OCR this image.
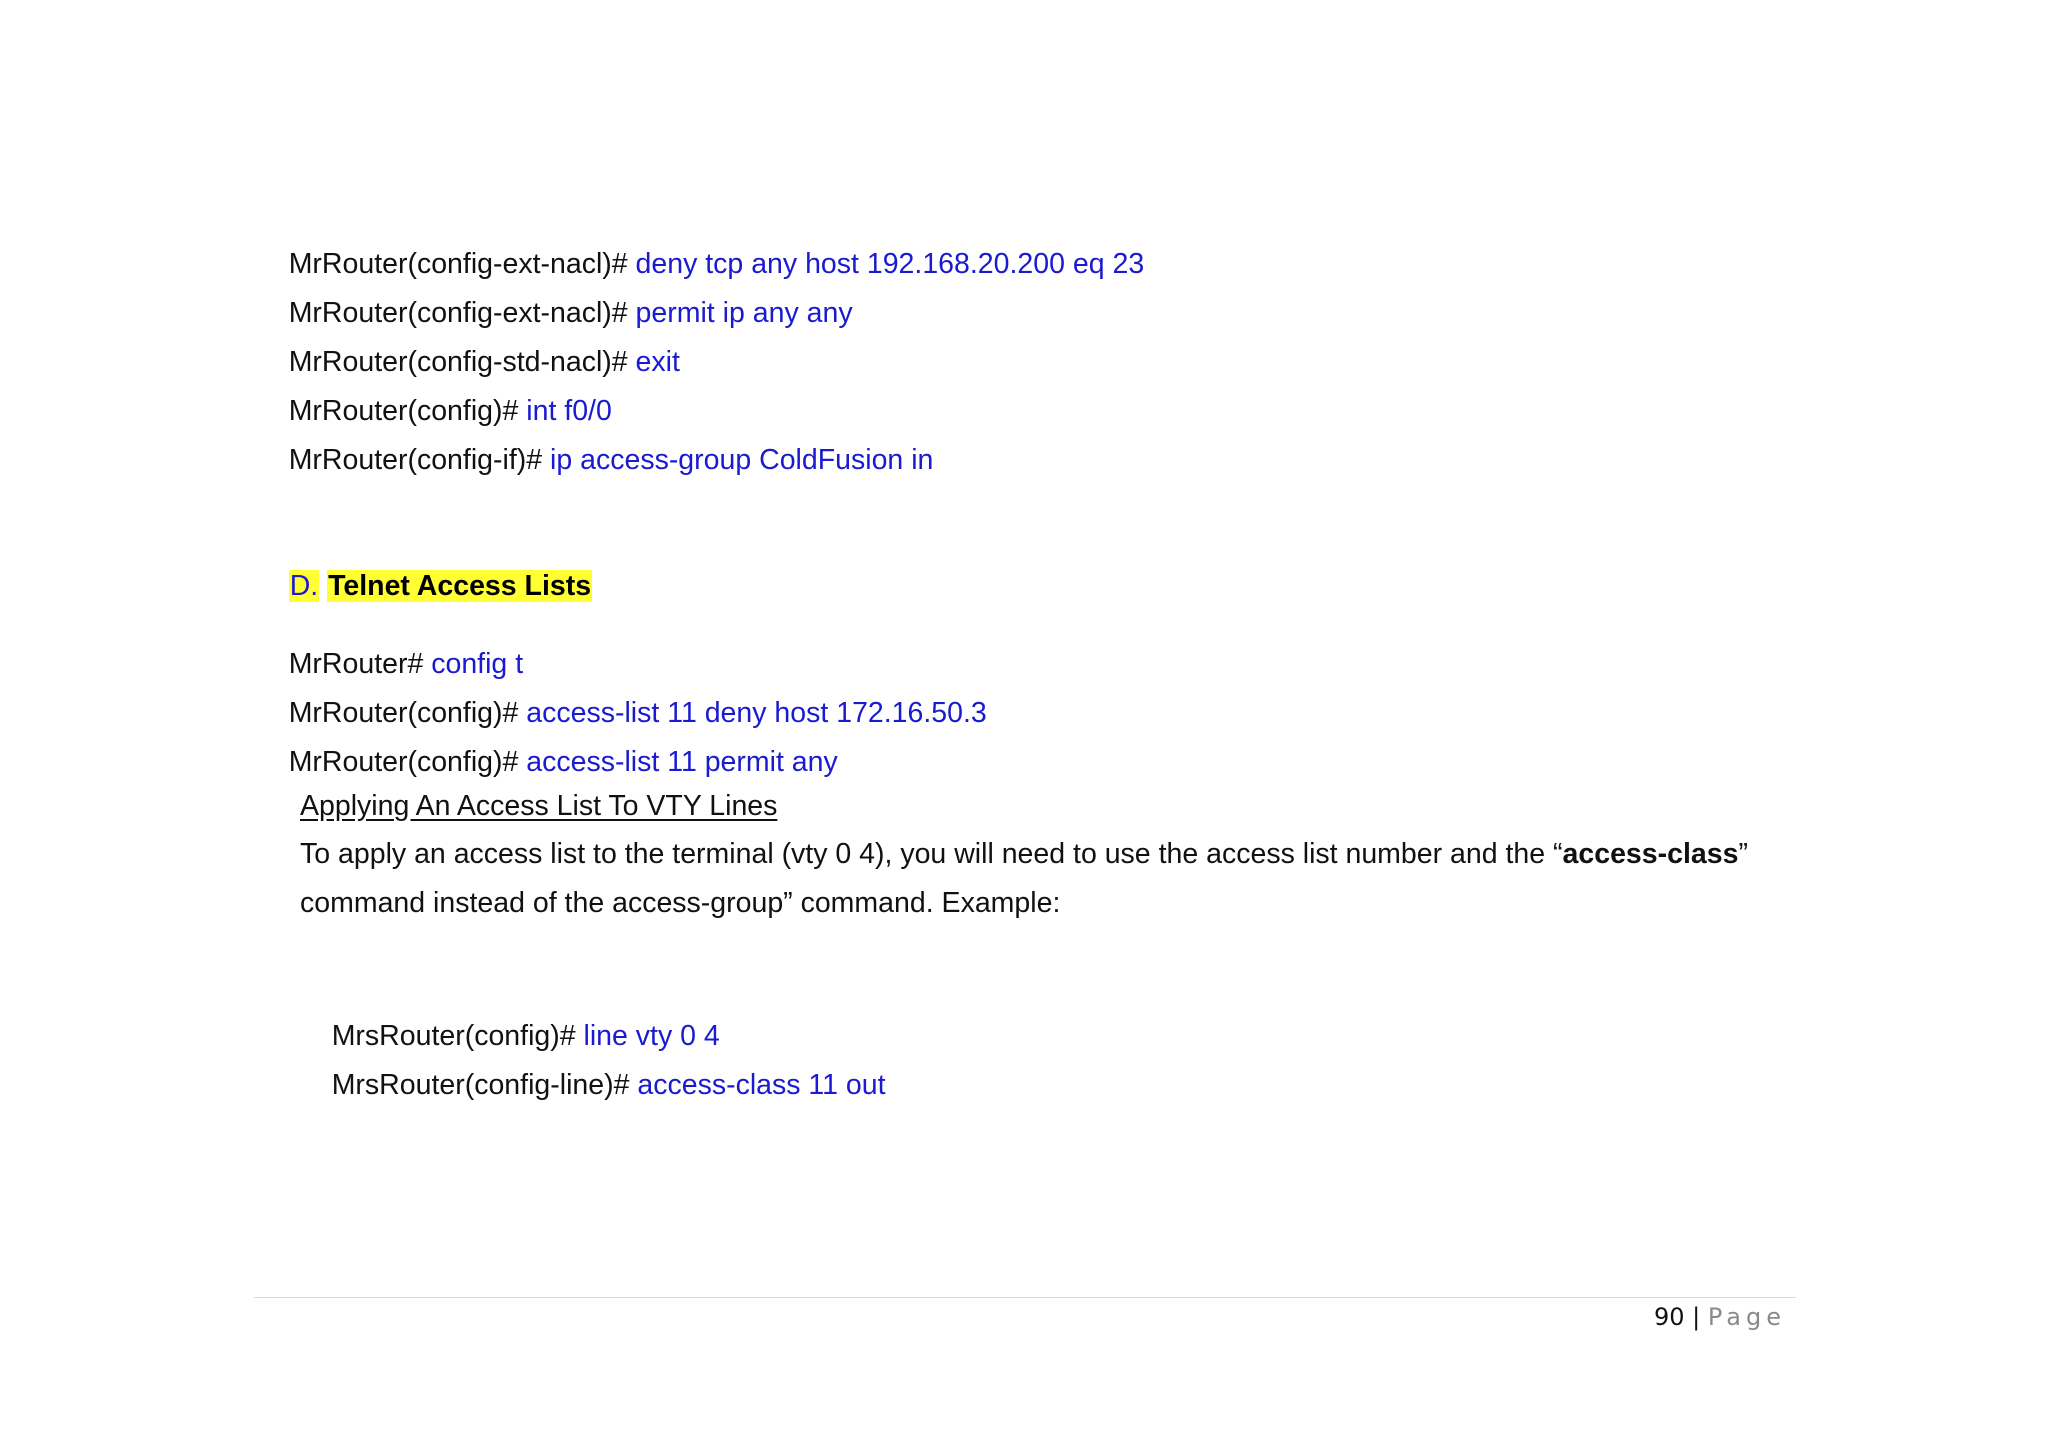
MrRouter(config-ext-nacl)# deny tcp any host 192.168.20.200 eq 23

MrRouter(config-ext-nacl)# permit ip any any

MrRouter(config-std-nacl)# exit

MrRouter(config)# int f0/0

MrRouter(config-if)# ip access-group ColdFusion in

D. Telnet Access Lists

MrRouter# config t

MrRouter(config)# access-list 11 deny host 172.16.50.3

MrRouter(config)# access-list 11 permit any

Applying An Access List To VTY Lines
To apply an access list to the terminal (vty 0 4), you will need to use the access list number and the “access-class” command instead of the access-group” command. Example:

MrsRouter(config)# line vty 0 4

MrsRouter(config-line)# access-class 11 out

90 | Page
